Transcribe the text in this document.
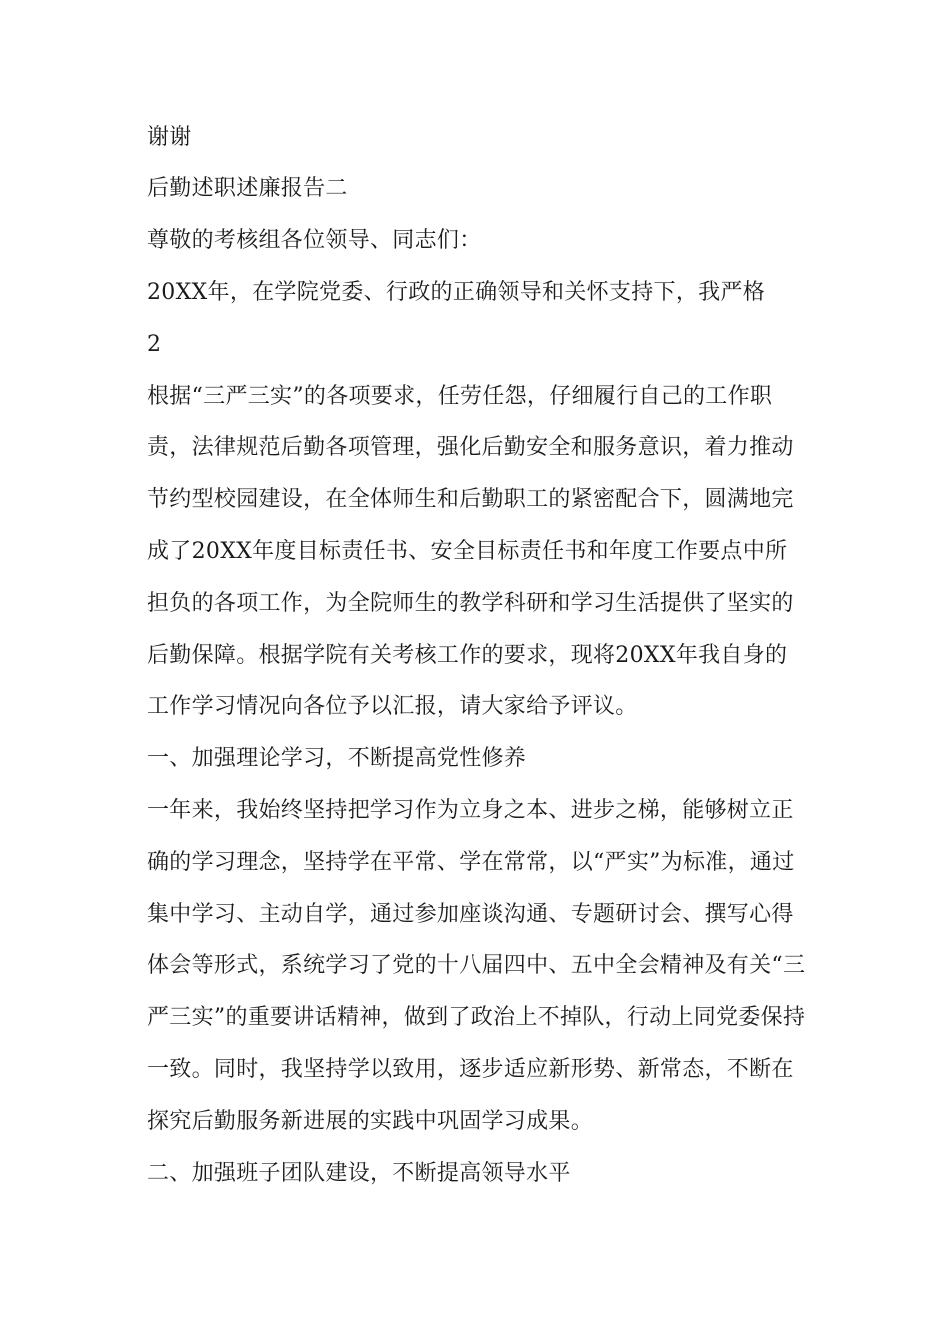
谢谢
后勤述职述廉报告二
尊敬的考核组各位领导、同志们：
20XX年，在学院党委、行政的正确领导和关怀支持下，我严格
2
根据“三严三实”的各项要求，任劳任怨，仔细履行自己的工作职
责，法律规范后勤各项管理，强化后勤安全和服务意识，着力推动
节约型校园建设，在全体师生和后勤职工的紧密配合下，圆满地完
成了20XX年度目标责任书、安全目标责任书和年度工作要点中所
担负的各项工作，为全院师生的教学科研和学习生活提供了坚实的
后勤保障。根据学院有关考核工作的要求，现将20XX年我自身的
工作学习情况向各位予以汇报，请大家给予评议。
一、加强理论学习，不断提高党性修养
一年来，我始终坚持把学习作为立身之本、进步之梯，能够树立正
确的学习理念，坚持学在平常、学在常常，以“严实”为标准，通过
集中学习、主动自学，通过参加座谈沟通、专题研讨会、撰写心得
体会等形式，系统学习了党的十八届四中、五中全会精神及有关“三
严三实”的重要讲话精神，做到了政治上不掉队，行动上同党委保持
一致。同时，我坚持学以致用，逐步适应新形势、新常态，不断在
探究后勤服务新进展的实践中巩固学习成果。
二、加强班子团队建设，不断提高领导水平
